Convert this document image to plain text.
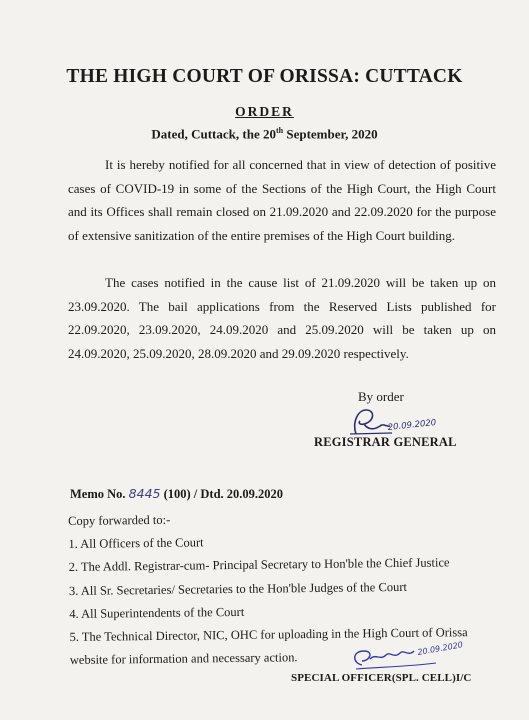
THE HIGH COURT OF ORISSA: CUTTACK
ORDER
Dated, Cuttack, the 20th September, 2020
It is hereby notified for all concerned that in view of detection of positive cases of COVID-19 in some of the Sections of the High Court, the High Court and its Offices shall remain closed on 21.09.2020 and 22.09.2020 for the purpose of extensive sanitization of the entire premises of the High Court building.
The cases notified in the cause list of 21.09.2020 will be taken up on 23.09.2020. The bail applications from the Reserved Lists published for 22.09.2020, 23.09.2020, 24.09.2020 and 25.09.2020 will be taken up on 24.09.2020, 25.09.2020, 28.09.2020 and 29.09.2020 respectively.
By order
20.09.2020
REGISTRAR GENERAL
Memo No. 8445 (100) / Dtd. 20.09.2020
Copy forwarded to:-
1. All Officers of the Court
2. The Addl. Registrar-cum- Principal Secretary to Hon'ble the Chief Justice
3. All Sr. Secretaries/ Secretaries to the Hon'ble Judges of the Court
4. All Superintendents of the Court
5. The Technical Director, NIC, OHC for uploading in the High Court of Orissa
website for information and necessary action.
20.09.2020
SPECIAL OFFICER(SPL. CELL)I/C
